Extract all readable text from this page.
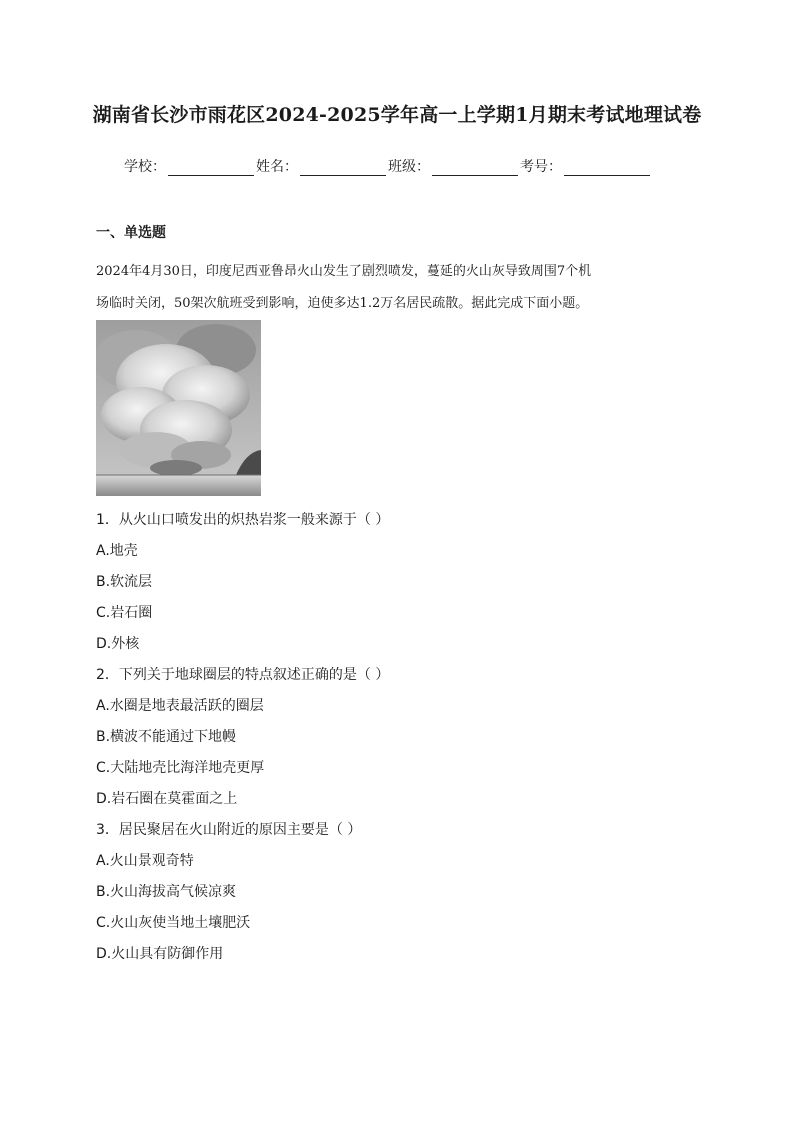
湖南省长沙市雨花区2024-2025学年高一上学期1月期末考试地理试卷
学校：	姓名：	班级：	考号：
一、单选题
2024年4月30日，印度尼西亚鲁昂火山发生了剧烈喷发，蔓延的火山灰导致周围7个机
场临时关闭，50架次航班受到影响，迫使多达1.2万名居民疏散。据此完成下面小题。
1．从火山口喷发出的炽热岩浆一般来源于（ ）
A.地壳
B.软流层
C.岩石圈
D.外核
2．下列关于地球圈层的特点叙述正确的是（ ）
A.水圈是地表最活跃的圈层
B.横波不能通过下地幔
C.大陆地壳比海洋地壳更厚
D.岩石圈在莫霍面之上
3．居民聚居在火山附近的原因主要是（ ）
A.火山景观奇特
B.火山海拔高气候凉爽
C.火山灰使当地土壤肥沃
D.火山具有防御作用
